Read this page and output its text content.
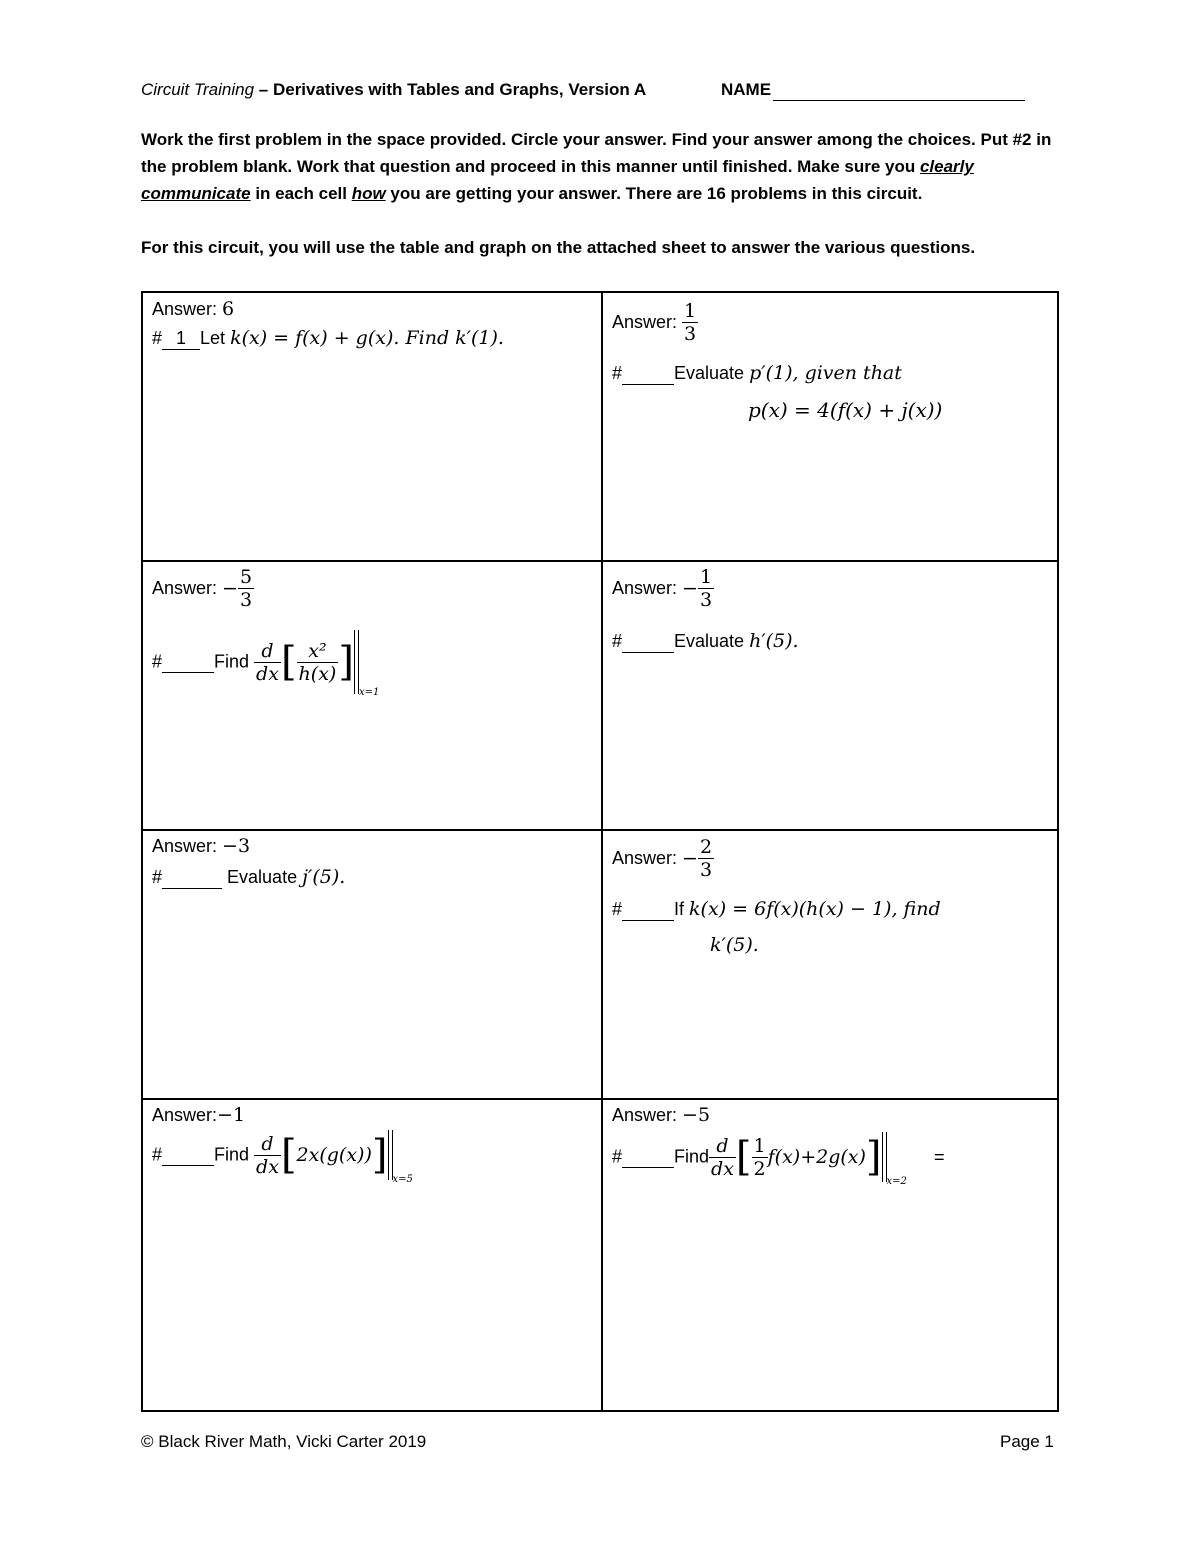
Circuit Training – Derivatives with Tables and Graphs, Version A	NAME
Work the first problem in the space provided. Circle your answer. Find your answer among the choices. Put #2 in the problem blank. Work that question and proceed in this manner until finished. Make sure you clearly
communicate in each cell how you are getting your answer. There are 16 problems in this circuit.
For this circuit, you will use the table and graph on the attached sheet to answer the various questions.
Answer: 6
# 1 Let k(x) = f(x) + g(x). Find k′(1).
Answer: $\frac{1}{3}$
#	Evaluate p′(1), given that
p(x) = 4(f(x) + j(x))
Answer: − $\frac{5}{3}$
#	Find $\frac{d}{dx}$ [ $\frac{\text{x²}}{h(x)} ]_{x=1}$
Answer: − $\frac{1}{3}$
#	Evaluate h′(5).
Answer: −3
#	Evaluate j′(5).
Answer: − $\frac{2}{3}$
#	If k(x) = 6f(x)(h(x) − 1), find
k′(5).
Answer:−1
#	Find $\frac{d}{dx} [2x(g(x))]_{x=5}$
Answer: −5
#	Find $\frac{d}{dx}$ [ $\frac{1}{2} f(x)+2g(x)]_{x=2}$ =
© Black River Math, Vicki Carter 2019	Page 1
